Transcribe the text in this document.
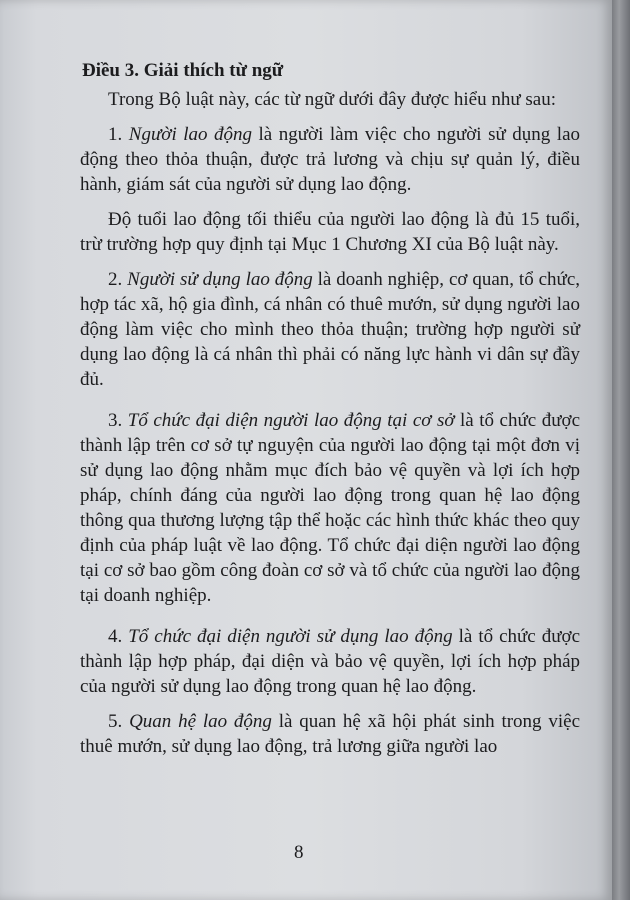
Điều 3. Giải thích từ ngữ

Trong Bộ luật này, các từ ngữ dưới đây được hiểu như sau:

1. Người lao động là người làm việc cho người sử dụng lao động theo thỏa thuận, được trả lương và chịu sự quản lý, điều hành, giám sát của người sử dụng lao động.

Độ tuổi lao động tối thiểu của người lao động là đủ 15 tuổi, trừ trường hợp quy định tại Mục 1 Chương XI của Bộ luật này.

2. Người sử dụng lao động là doanh nghiệp, cơ quan, tổ chức, hợp tác xã, hộ gia đình, cá nhân có thuê mướn, sử dụng người lao động làm việc cho mình theo thỏa thuận; trường hợp người sử dụng lao động là cá nhân thì phải có năng lực hành vi dân sự đầy đủ.

3. Tổ chức đại diện người lao động tại cơ sở là tổ chức được thành lập trên cơ sở tự nguyện của người lao động tại một đơn vị sử dụng lao động nhằm mục đích bảo vệ quyền và lợi ích hợp pháp, chính đáng của người lao động trong quan hệ lao động thông qua thương lượng tập thể hoặc các hình thức khác theo quy định của pháp luật về lao động. Tổ chức đại diện người lao động tại cơ sở bao gồm công đoàn cơ sở và tổ chức của người lao động tại doanh nghiệp.

4. Tổ chức đại diện người sử dụng lao động là tổ chức được thành lập hợp pháp, đại diện và bảo vệ quyền, lợi ích hợp pháp của người sử dụng lao động trong quan hệ lao động.

5. Quan hệ lao động là quan hệ xã hội phát sinh trong việc thuê mướn, sử dụng lao động, trả lương giữa người lao

8
